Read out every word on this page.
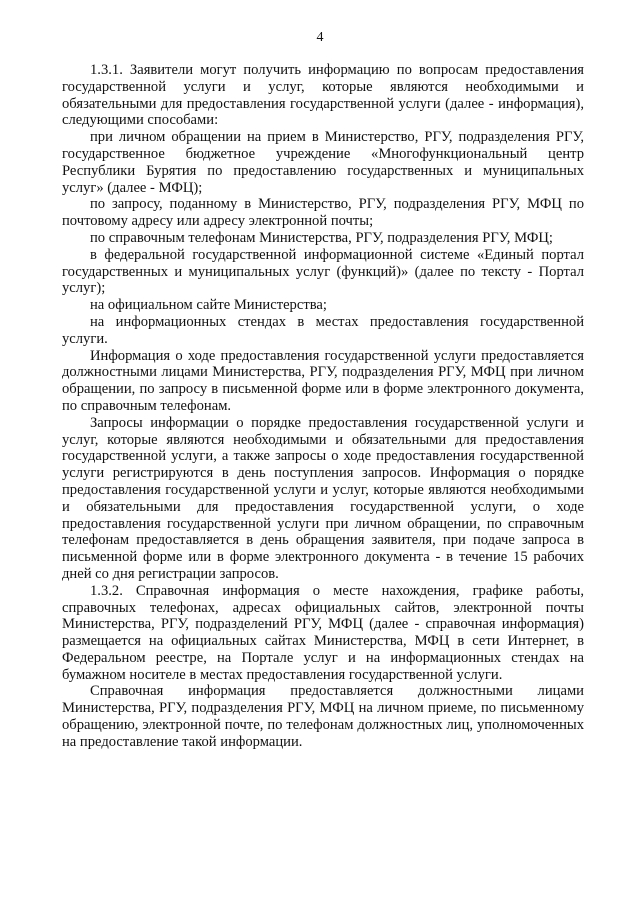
4

1.3.1. Заявители могут получить информацию по вопросам предоставления государственной услуги и услуг, которые являются необходимыми и обязательными для предоставления государственной услуги (далее - информация), следующими способами:

при личном обращении на прием в Министерство, РГУ, подразделения РГУ, государственное бюджетное учреждение «Многофункциональный центр Республики Бурятия по предоставлению государственных и муниципальных услуг» (далее - МФЦ);

по запросу, поданному в Министерство, РГУ, подразделения РГУ, МФЦ по почтовому адресу или адресу электронной почты;

по справочным телефонам Министерства, РГУ, подразделения РГУ, МФЦ;

в федеральной государственной информационной системе «Единый портал государственных и муниципальных услуг (функций)» (далее по тексту - Портал услуг);

на официальном сайте Министерства;

на информационных стендах в местах предоставления государственной услуги.

Информация о ходе предоставления государственной услуги предоставляется должностными лицами Министерства, РГУ, подразделения РГУ, МФЦ при личном обращении, по запросу в письменной форме или в форме электронного документа, по справочным телефонам.

Запросы информации о порядке предоставления государственной услуги и услуг, которые являются необходимыми и обязательными для предоставления государственной услуги, а также запросы о ходе предоставления государственной услуги регистрируются в день поступления запросов. Информация о порядке предоставления государственной услуги и услуг, которые являются необходимыми и обязательными для предоставления государственной услуги, о ходе предоставления государственной услуги при личном обращении, по справочным телефонам предоставляется в день обращения заявителя, при подаче запроса в письменной форме или в форме электронного документа - в течение 15 рабочих дней со дня регистрации запросов.

1.3.2. Справочная информация о месте нахождения, графике работы, справочных телефонах, адресах официальных сайтов, электронной почты Министерства, РГУ, подразделений РГУ, МФЦ (далее - справочная информация) размещается на официальных сайтах Министерства, МФЦ в сети Интернет, в Федеральном реестре, на Портале услуг и на информационных стендах на бумажном носителе в местах предоставления государственной услуги.

Справочная информация предоставляется должностными лицами Министерства, РГУ, подразделения РГУ, МФЦ на личном приеме, по письменному обращению, электронной почте, по телефонам должностных лиц, уполномоченных на предоставление такой информации.
